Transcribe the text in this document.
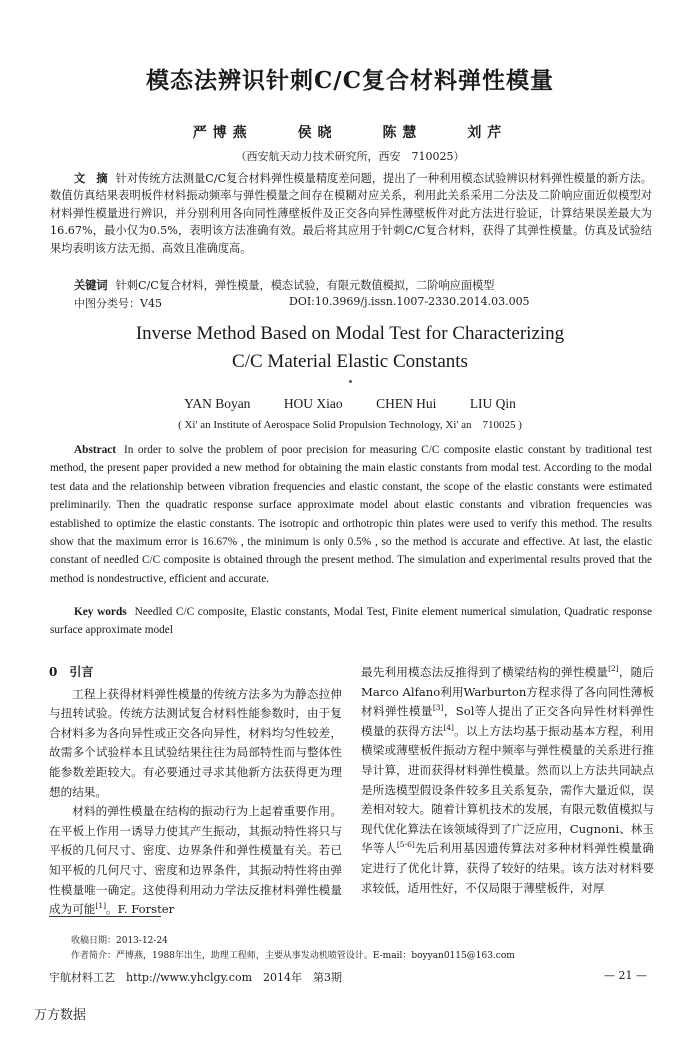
模态法辨识针刺C/C复合材料弹性模量
严博燕	侯晓	陈慧	刘芹
（西安航天动力技术研究所，西安　710025）
文　摘 针对传统方法测量C/C复合材料弹性模量精度差问题，提出了一种利用模态试验辨识材料弹性模量的新方法。数值仿真结果表明板件材料振动频率与弹性模量之间存在模糊对应关系，利用此关系采用二分法及二阶响应面近似模型对材料弹性模量进行辨识，并分别利用各向同性薄壁板件及正交各向异性薄壁板件对此方法进行验证，计算结果误差最大为16.67%，最小仅为0.5%，表明该方法准确有效。最后将其应用于针刺C/C复合材料，获得了其弹性模量。仿真及试验结果均表明该方法无损、高效且准确度高。
关键词 针刺C/C复合材料，弹性模量，模态试验，有限元数值模拟，二阶响应面模型
中图分类号：V45	DOI:10.3969/j.issn.1007-2330.2014.03.005
Inverse Method Based on Modal Test for Characterizing
C/C Material Elastic Constants
YAN Boyan HOU Xiao CHEN Hui LIU Qin
( Xi' an Institute of Aerospace Solid Propulsion Technology, Xi' an　710025 )
Abstract In order to solve the problem of poor precision for measuring C/C composite elastic constant by traditional test method, the present paper provided a new method for obtaining the main elastic constants from modal test. According to the modal test data and the relationship between vibration frequencies and elastic constant, the scope of the elastic constants were estimated preliminarily. Then the quadratic response surface approximate model about elastic constants and vibration frequencies was established to optimize the elastic constants. The isotropic and orthotropic thin plates were used to verify this method. The results show that the maximum error is 16.67% , the minimum is only 0.5% , so the method is accurate and effective. At last, the elastic constant of needled C/C composite is obtained through the present method. The simulation and experimental results proved that the method is nondestructive, efficient and accurate.
Key words Needled C/C composite, Elastic constants, Modal Test, Finite element numerical simulation, Quadratic response surface approximate model
0　 引言

工程上获得材料弹性模量的传统方法多为为静态拉伸与扭转试验。传统方法测试复合材料性能参数时，由于复合材料多为各向异性或正交各向异性，材料均匀性较差，故需多个试验样本且试验结果往往为局部特性而与整体性能参数差距较大。有必要通过寻求其他新方法获得更为理想的结果。

材料的弹性模量在结构的振动行为上起着重要作用。在平板上作用一诱导力使其产生振动，其振动特性将只与平板的几何尺寸、密度、边界条件和弹性模量有关。若已知平板的几何尺寸、密度和边界条件，其振动特性将由弹性模量唯一确定。这使得利用动力学法反推材料弹性模量成为可能[1]。F. Forster

最先利用模态法反推得到了横梁结构的弹性模量[2]，随后Marco Alfano利用Warburton方程求得了各向同性薄板材料弹性模量[3]，Sol等人提出了正交各向异性材料弹性模量的获得方法[4]。以上方法均基于振动基本方程，利用横梁或薄壁板件振动方程中频率与弹性模量的关系进行推导计算，进而获得材料弹性模量。然而以上方法共同缺点是所选模型假设条件较多且关系复杂，需作大量近似，误差相对较大。随着计算机技术的发展，有限元数值模拟与现代优化算法在该领域得到了广泛应用，Cugnoni、林玉华等人[5-6]先后利用基因遗传算法对多种材料弹性模量确定进行了优化计算，获得了较好的结果。该方法对材料要求较低，适用性好，不仅局限于薄壁板件，对厚

收稿日期：2013-12-24
作者简介：严博燕，1988年出生，助理工程师，主要从事发动机喷管设计。E-mail：boyyan0115@163.com
宇航材料工艺　http://www.yhclgy.com　2014年　第3期	— 21 —
万方数据
